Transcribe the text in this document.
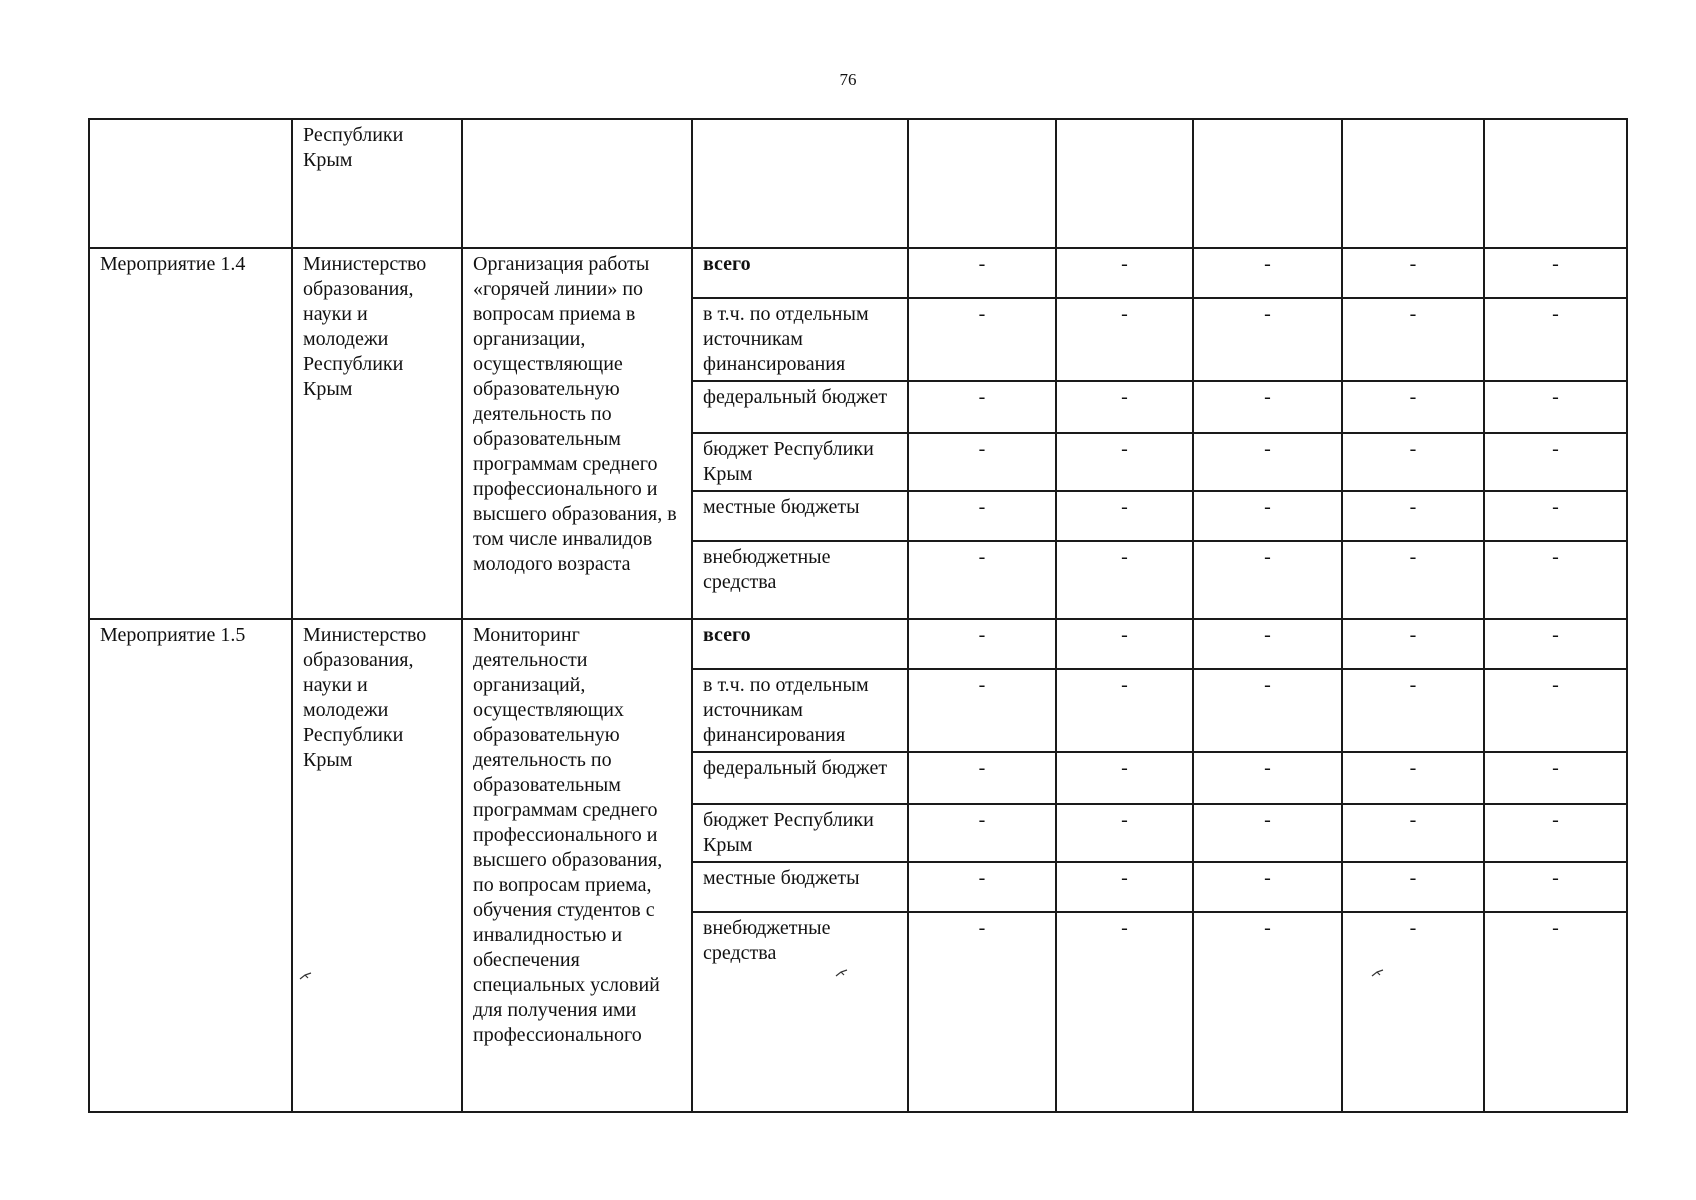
76
	Республики
Крым							
Мероприятие 1.4	Министерство образования, науки и молодежи Республики Крым	Организация работы «горячей линии» по вопросам приема в организации, осуществляющие образовательную деятельность по образовательным программам среднего профессионального и высшего образования, в том числе инвалидов молодого возраста	всего	-	-	-	-	-
			в т.ч. по отдельным источникам финансирования	-	-	-	-	-
			федеральный бюджет	-	-	-	-	-
			бюджет Республики Крым	-	-	-	-	-
			местные бюджеты	-	-	-	-	-
			внебюджетные средства	-	-	-	-	-
Мероприятие 1.5	Министерство образования, науки и молодежи Республики Крым	Мониторинг деятельности организаций, осуществляющих образовательную деятельность по образовательным программам среднего профессионального и высшего образования, по вопросам приема, обучения студентов с инвалидностью и обеспечения специальных условий для получения ими профессионального	всего	-	-	-	-	-
			в т.ч. по отдельным источникам финансирования	-	-	-	-	-
			федеральный бюджет	-	-	-	-	-
			бюджет Республики Крым	-	-	-	-	-
			местные бюджеты	-	-	-	-	-
			внебюджетные средства	-	-	-	-	-
